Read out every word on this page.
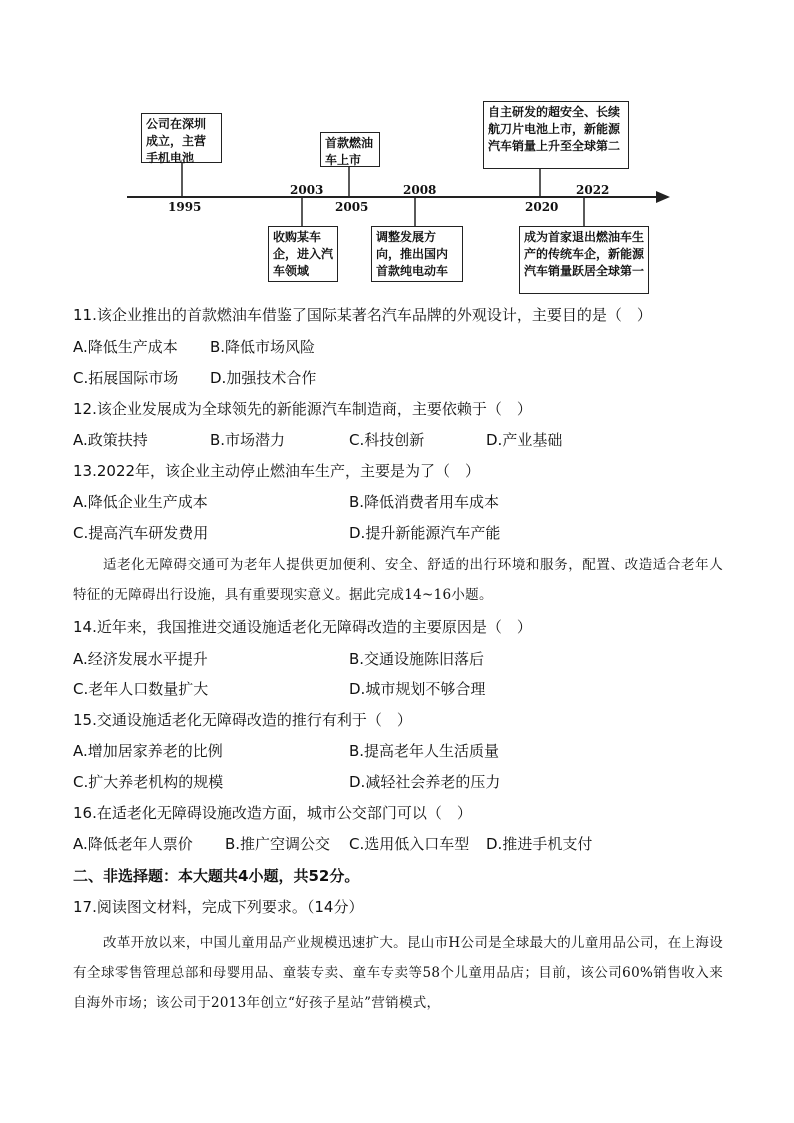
公司在深圳成立，主营手机电池
首款燃油车上市
自主研发的超安全、长续航刀片电池上市，新能源汽车销量上升至全球第二
收购某车企，进入汽车领域
调整发展方向，推出国内首款纯电动车
成为首家退出燃油车生产的传统车企，新能源汽车销量跃居全球第一
1995
2003
2005
2008
2020
2022
11.该企业推出的首款燃油车借鉴了国际某著名汽车品牌的外观设计，主要目的是（　）
A.降低生产成本 B.降低市场风险
C.拓展国际市场 D.加强技术合作
12.该企业发展成为全球领先的新能源汽车制造商，主要依赖于（　）
A.政策扶持	B.市场潜力	C.科技创新	D.产业基础
13.2022年，该企业主动停止燃油车生产，主要是为了（　）
A.降低企业生产成本	B.降低消费者用车成本
C.提高汽车研发费用	D.提升新能源汽车产能
适老化无障碍交通可为老年人提供更加便利、安全、舒适的出行环境和服务，配置、改造适合老年人特征的无障碍出行设施，具有重要现实意义。据此完成14~16小题。
14.近年来，我国推进交通设施适老化无障碍改造的主要原因是（　）
A.经济发展水平提升	B.交通设施陈旧落后
C.老年人口数量扩大	D.城市规划不够合理
15.交通设施适老化无障碍改造的推行有利于（　）
A.增加居家养老的比例	B.提高老年人生活质量
C.扩大养老机构的规模	D.减轻社会养老的压力
16.在适老化无障碍设施改造方面，城市公交部门可以（　）
A.降低老年人票价 B.推广空调公交 C.选用低入口车型 D.推进手机支付
二、非选择题：本大题共4小题，共52分。
17.阅读图文材料，完成下列要求。（14分）
改革开放以来，中国儿童用品产业规模迅速扩大。昆山市H公司是全球最大的儿童用品公司，在上海设有全球零售管理总部和母婴用品、童装专卖、童车专卖等58个儿童用品店；目前，该公司60%销售收入来自海外市场；该公司于2013年创立“好孩子星站”营销模式，
